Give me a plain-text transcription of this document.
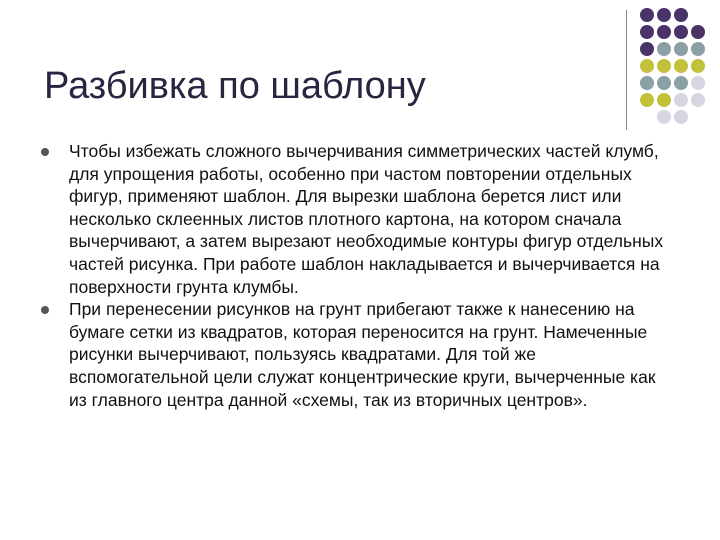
Разбивка по шаблону
Чтобы избежать сложного вычерчивания симметрических частей клумб, для упрощения работы, особенно при частом повторении отдельных фигур, применяют шаблон. Для вырезки шаблона берется лист или несколько склеенных листов плотного картона, на котором сначала вычерчивают, а затем вырезают необходимые контуры фигур отдельных частей рисунка. При работе шаблон накладывается и вычерчивается на поверхности грунта клумбы.
При перенесении рисунков на грунт прибегают также к нанесению на бумаге сетки из квадратов, которая переносится на грунт. Намеченные рисунки вычерчивают, пользуясь квадратами. Для той же вспомогательной цели служат концентрические круги, вычерченные как из главного центра данной «схемы, так из вторичных центров».
